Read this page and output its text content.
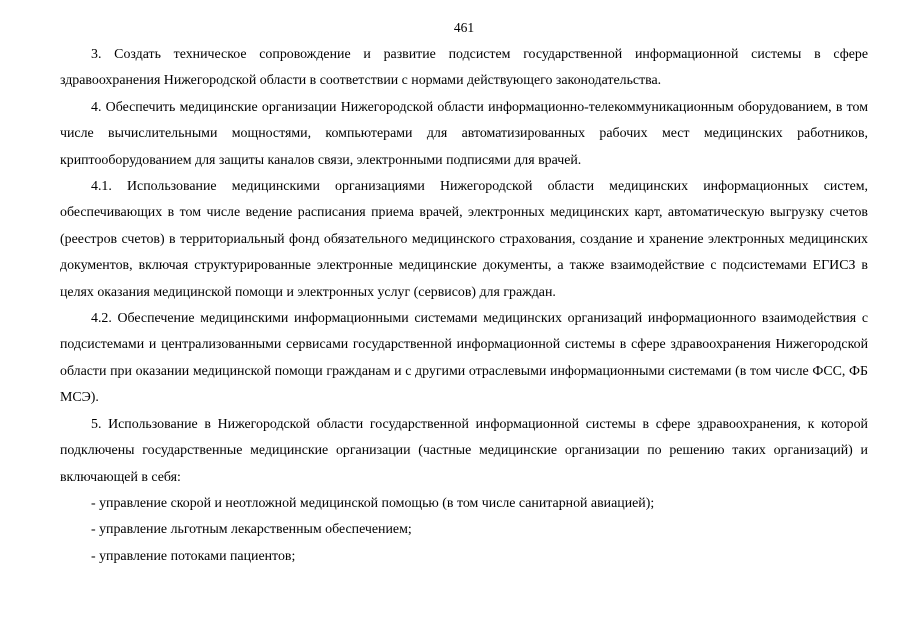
461

3. Создать техническое сопровождение и развитие подсистем государственной информационной системы в сфере здравоохранения Нижегородской области в соответствии с нормами действующего законодательства.

4. Обеспечить медицинские организации Нижегородской области информационно-телекоммуникационным оборудованием, в том числе вычислительными мощностями, компьютерами для автоматизированных рабочих мест медицинских работников, криптооборудованием для защиты каналов связи, электронными подписями для врачей.

4.1. Использование медицинскими организациями Нижегородской области медицинских информационных систем, обеспечивающих в том числе ведение расписания приема врачей, электронных медицинских карт, автоматическую выгрузку счетов (реестров счетов) в территориальный фонд обязательного медицинского страхования, создание и хранение электронных медицинских документов, включая структурированные электронные медицинские документы, а также взаимодействие с подсистемами ЕГИСЗ в целях оказания медицинской помощи и электронных услуг (сервисов) для граждан.

4.2. Обеспечение медицинскими информационными системами медицинских организаций информационного взаимодействия с подсистемами и централизованными сервисами государственной информационной системы в сфере здравоохранения Нижегородской области при оказании медицинской помощи гражданам и с другими отраслевыми информационными системами (в том числе ФСС, ФБ МСЭ).

5. Использование в Нижегородской области государственной информационной системы в сфере здравоохранения, к которой подключены государственные медицинские организации (частные медицинские организации по решению таких организаций) и включающей в себя:

- управление скорой и неотложной медицинской помощью (в том числе санитарной авиацией);

- управление льготным лекарственным обеспечением;

- управление потоками пациентов;
